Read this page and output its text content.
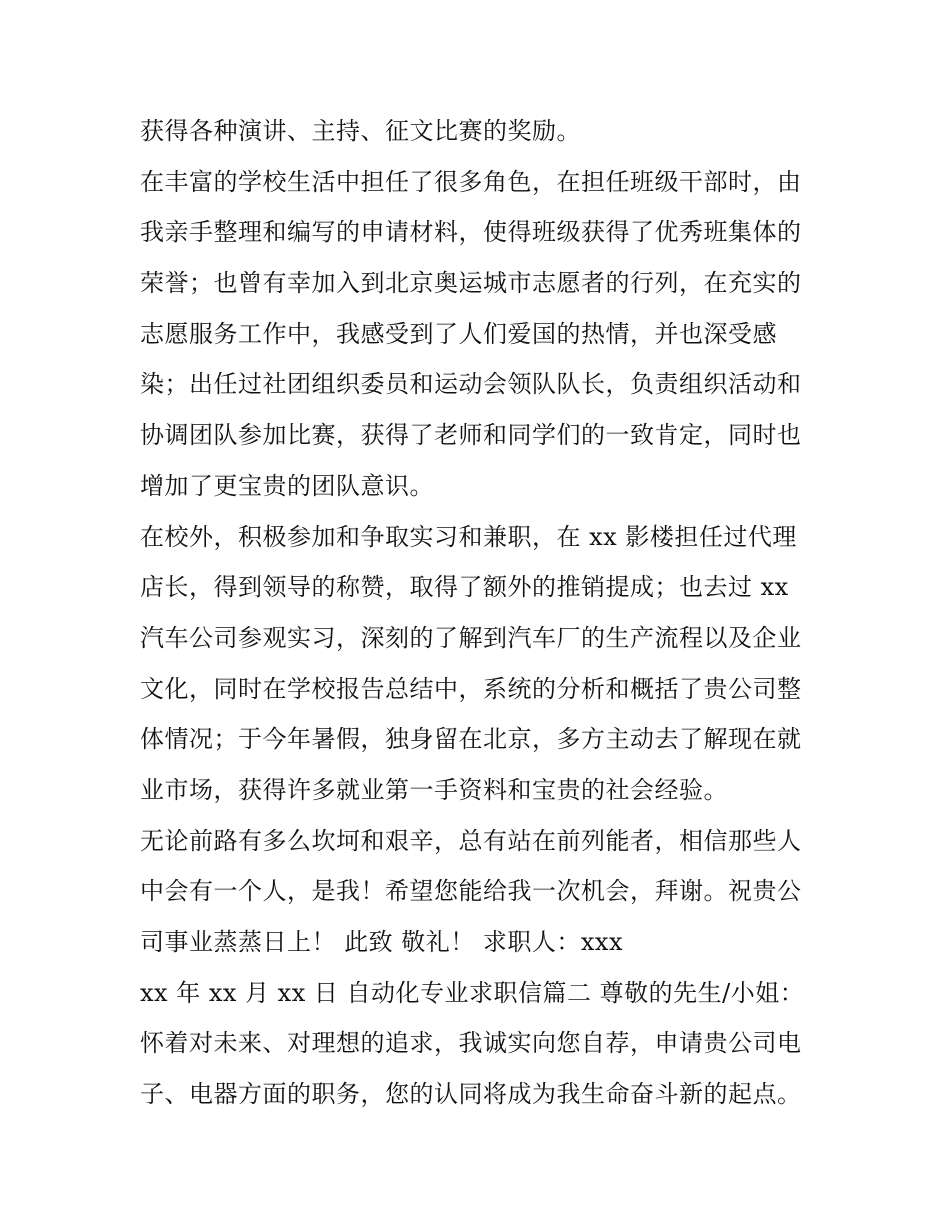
获得各种演讲、主持、征文比赛的奖励。
在丰富的学校生活中担任了很多角色，在担任班级干部时，由
我亲手整理和编写的申请材料，使得班级获得了优秀班集体的
荣誉；也曾有幸加入到北京奥运城市志愿者的行列，在充实的
志愿服务工作中，我感受到了人们爱国的热情，并也深受感
染；出任过社团组织委员和运动会领队队长，负责组织活动和
协调团队参加比赛，获得了老师和同学们的一致肯定，同时也
增加了更宝贵的团队意识。
在校外，积极参加和争取实习和兼职，在 xx 影楼担任过代理
店长，得到领导的称赞，取得了额外的推销提成；也去过 xx
汽车公司参观实习，深刻的了解到汽车厂的生产流程以及企业
文化，同时在学校报告总结中，系统的分析和概括了贵公司整
体情况；于今年暑假，独身留在北京，多方主动去了解现在就
业市场，获得许多就业第一手资料和宝贵的社会经验。
无论前路有多么坎坷和艰辛，总有站在前列能者，相信那些人
中会有一个人，是我！希望您能给我一次机会，拜谢。祝贵公
司事业蒸蒸日上！ 此致 敬礼！ 求职人：xxx
xx 年 xx 月 xx 日 自动化专业求职信篇二 尊敬的先生/小姐：
怀着对未来、对理想的追求，我诚实向您自荐，申请贵公司电
子、电器方面的职务，您的认同将成为我生命奋斗新的起点。
